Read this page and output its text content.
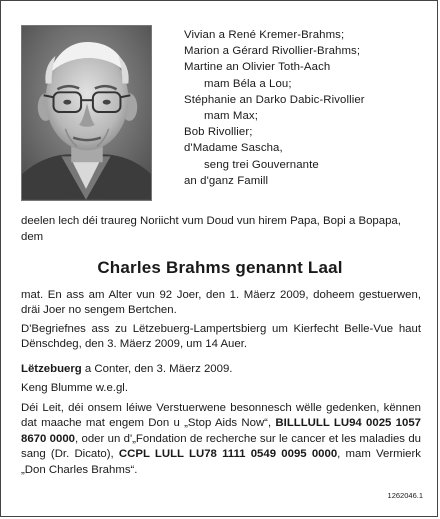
Vivian a René Kremer-Brahms;
Marion a Gérard Rivollier-Brahms;
Martine an Olivier Toth-Aach
mam Béla a Lou;
Stéphanie an Darko Dabic-Rivollier
mam Max;
Bob Rivollier;
d'Madame Sascha,
seng trei Gouvernante
an d'ganz Famill
deelen lech déi traureg Noriicht vum Doud vun hirem Papa, Bopi a Bopapa, dem
Charles Brahms genannt Laal
mat. En ass am Alter vun 92 Joer, den 1. Mäerz 2009, doheem gestuerwen, dräi Joer no sengem Bertchen.
D'Begriefnes ass zu Lëtzebuerg-Lampertsbierg um Kierfecht Belle-Vue haut Dënschdeg, den 3. Mäerz 2009, um 14 Auer.
Lëtzebuerg a Conter, den 3. Mäerz 2009.
Keng Blumme w.e.gl.
Déi Leit, déi onsem léiwe Verstuerwene besonnesch wëlle gedenken, kënnen dat maache mat engem Don u „Stop Aids Now“, BILLLULL LU94 0025 1057 8670 0000, oder un d'„Fondation de recherche sur le cancer et les maladies du sang (Dr. Dicato), CCPL LULL LU78 1111 0549 0095 0000, mam Vermierk „Don Charles Brahms“.
1262046.1
